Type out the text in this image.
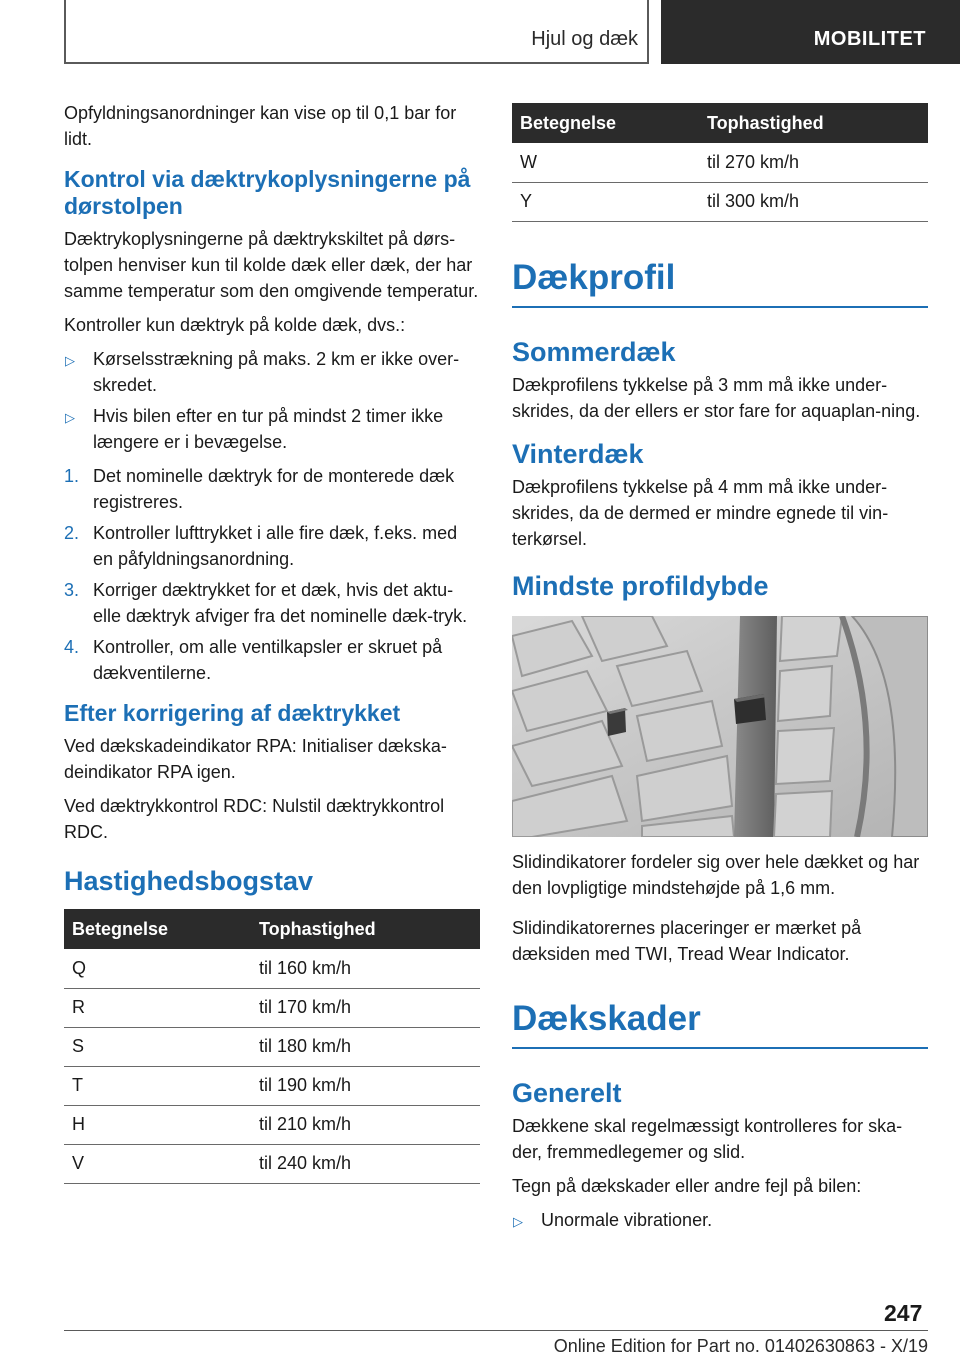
Hjul og dæk	MOBILITET

Opfyldningsanordninger kan vise op til 0,1 bar for lidt.

Kontrol via dæktrykoplysningerne på dørstolpen

Dæktrykoplysningerne på dæktrykskiltet på dørs-tolpen henviser kun til kolde dæk eller dæk, der har samme temperatur som den omgivende temperatur.

Kontroller kun dæktryk på kolde dæk, dvs.:

▷ Kørselsstrækning på maks. 2 km er ikke over-skredet.
▷ Hvis bilen efter en tur på mindst 2 timer ikke længere er i bevægelse.
1. Det nominelle dæktryk for de monterede dæk registreres.
2. Kontroller lufttrykket i alle fire dæk, f.eks. med en påfyldningsanordning.
3. Korriger dæktrykket for et dæk, hvis det aktu-elle dæktryk afviger fra det nominelle dæk-tryk.
4. Kontroller, om alle ventilkapsler er skruet på dækventilerne.
Efter korrigering af dæktrykket

Ved dækskadeindikator RPA: Initialiser dækska-deindikator RPA igen.

Ved dæktrykkontrol RDC: Nulstil dæktrykkontrol RDC.

Hastighedsbogstav
Betegnelse	Tophastighed
Q	til 160 km/h
R	til 170 km/h
S	til 180 km/h
T	til 190 km/h
H	til 210 km/h
V	til 240 km/h
Betegnelse	Tophastighed
W	til 270 km/h
Y	til 300 km/h
Dækprofil
Sommerdæk

Dækprofilens tykkelse på 3 mm må ikke under-skrides, da der ellers er stor fare for aquaplan-ning.

Vinterdæk

Dækprofilens tykkelse på 4 mm må ikke under-skrides, da de dermed er mindre egnede til vin-terkørsel.

Mindste profildybde

Slidindikatorer fordeler sig over hele dækket og har den lovpligtige mindstehøjde på 1,6 mm.

Slidindikatorernes placeringer er mærket på dæksiden med TWI, Tread Wear Indicator.

Dækskader
Generelt

Dækkene skal regelmæssigt kontrolleres for ska-der, fremmedlegemer og slid.

Tegn på dækskader eller andre fejl på bilen:

▷ Unormale vibrationer.
247
Online Edition for Part no. 01402630863 - X/19
